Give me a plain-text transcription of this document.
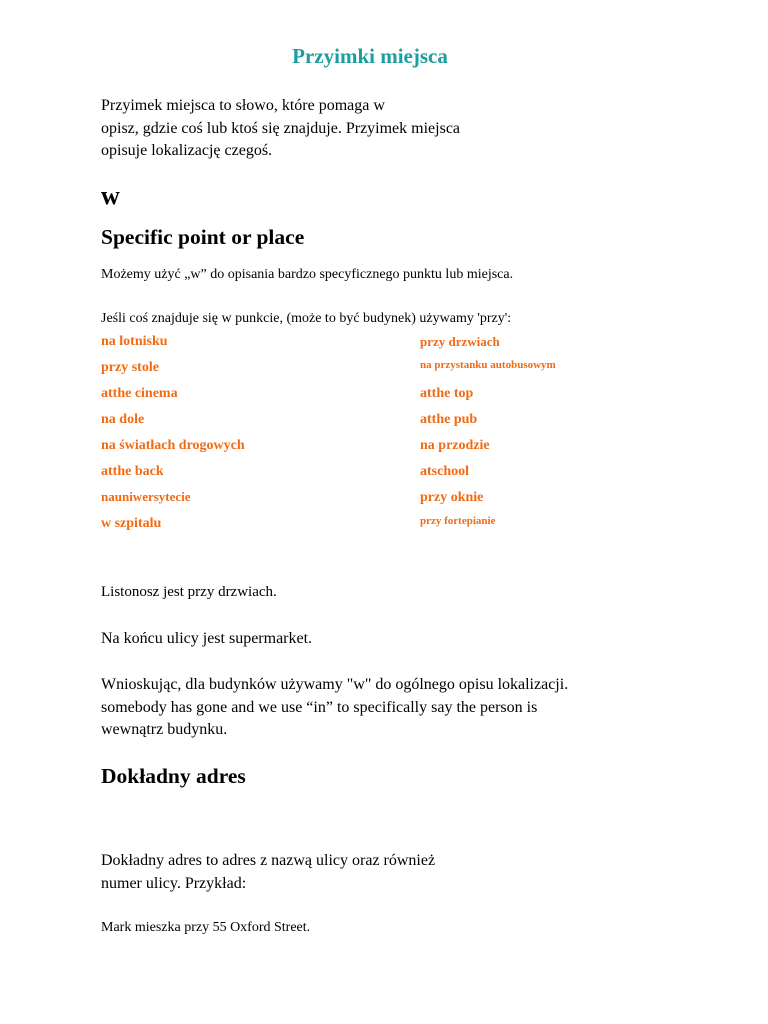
Przyimki miejsca
Przyimek miejsca to słowo, które pomaga w
opisz, gdzie coś lub ktoś się znajduje. Przyimek miejsca
opisuje lokalizację czegoś.
w
Specific point or place
Możemy użyć „w” do opisania bardzo specyficznego punktu lub miejsca.
Jeśli coś znajduje się w punkcie, (może to być budynek) używamy 'przy':
na lotnisku
przy stole
atthe cinema
na dole
na światłach drogowych
atthe back
nauniwersytecie
w szpitalu
przy drzwiach
na przystanku autobusowym
atthe top
atthe pub
na przodzie
atschool
przy oknie
przy fortepianie
Listonosz jest przy drzwiach.
Na końcu ulicy jest supermarket.
Wnioskując, dla budynków używamy "w" do ogólnego opisu lokalizacji.
somebody has gone and we use “in” to specifically say the person is
wewnątrz budynku.
Dokładny adres
Dokładny adres to adres z nazwą ulicy oraz również
numer ulicy. Przykład:
Mark mieszka przy 55 Oxford Street.
